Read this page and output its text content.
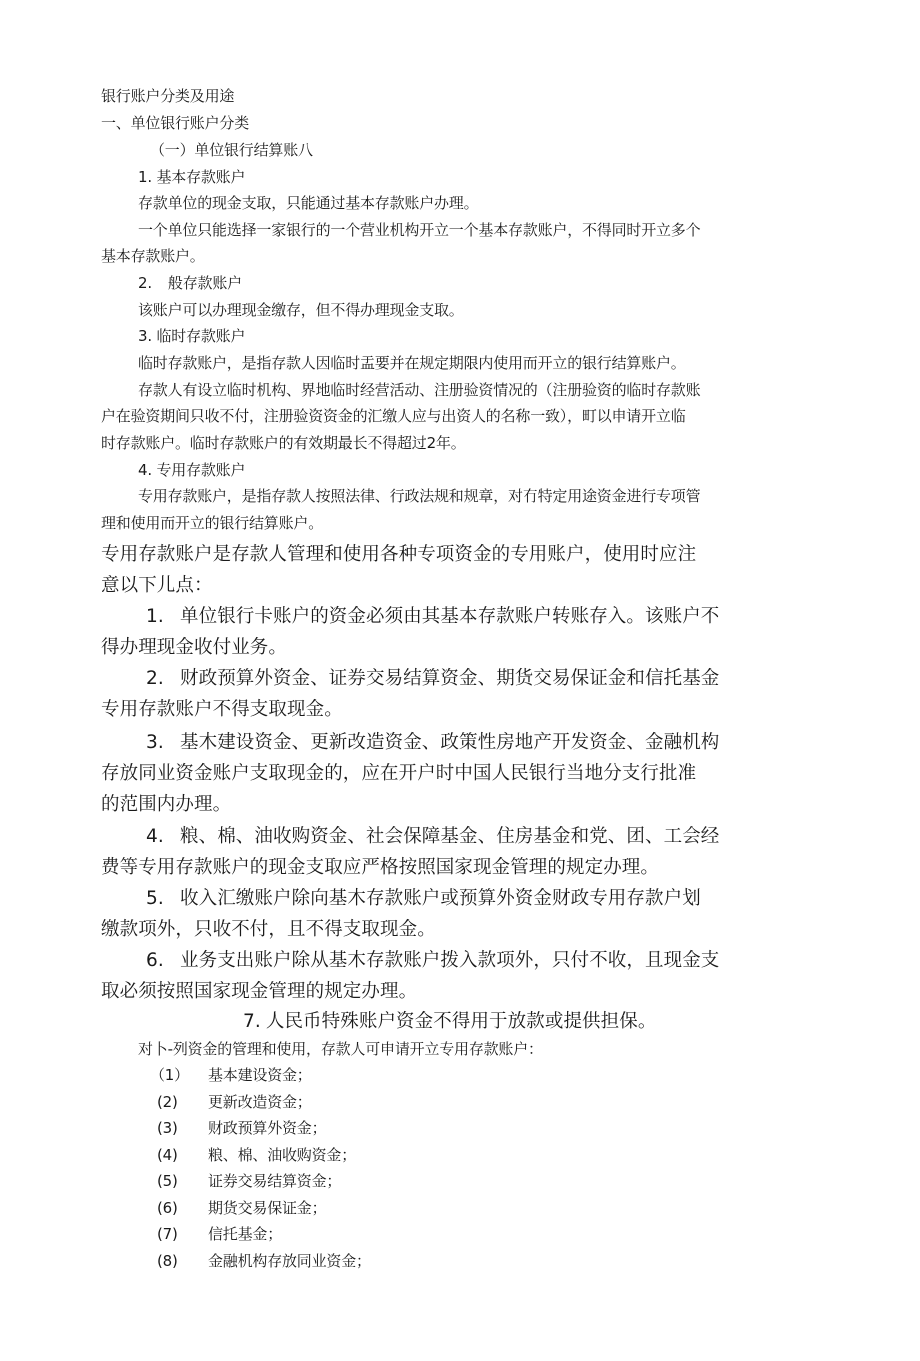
银行账户分类及用途
一、单位银行账户分类
（一）单位银行结算账八
1. 基本存款账户
存款单位的现金支取，只能通过基本存款账户办理。
一个单位只能选择一家银行的一个营业机构开立一个基本存款账户，不得同时开立多个
基本存款账户。
2. 般存款账户
该账户可以办理现金缴存，但不得办理现金支取。
3. 临时存款账户
临时存款账户，是指存款人因临时盂要并在规定期限内使用而开立的银行结算账户。
存款人有设立临时机构、界地临时经营活动、注册验资情况的（注册验资的临时存款账
户在验资期间只收不付，注册验资资金的汇缴人应与出资人的名称一致），町以申请开立临
时存款账户。临时存款账户的有效期最长不得超过2年。
4. 专用存款账户
专用存款账户，是指存款人按照法律、行政法规和规章，对冇特定用途资金进行专项管
理和使用而开立的银行结算账户。
专用存款账户是存款人管理和使用各种专项资金的专用账户，使用时应注
意以下儿点：
1. 单位银行卡账户的资金必须由其基本存款账户转账存入。该账户不
得办理现金收付业务。
2. 财政预算外资金、证券交易结算资金、期货交易保证金和信托基金
专用存款账户不得支取现金。
3. 基木建设资金、更新改造资金、政策性房地产开发资金、金融机构
存放同业资金账户支取现金的，应在开户时中国人民银行当地分支行批准
的范围内办理。
4. 粮、棉、油收购资金、社会保障基金、住房基金和党、团、工会经
费等专用存款账户的现金支取应严格按照国家现金管理的规定办理。
5. 收入汇缴账户除向基木存款账户或预算外资金财政专用存款户划
缴款项外，只收不付，且不得支取现金。
6. 业务支出账户除从基木存款账户拨入款项外，只付不收，且现金支
取必须按照国家现金管理的规定办理。
7. 人民币特殊账户资金不得用于放款或提供担保。
对卜-列资金的管理和使用，存款人可申请开立专用存款账户：
（1） 基本建设资金；
(2) 更新改造资金；
(3) 财政预算外资金；
(4) 粮、棉、油收购资金；
(5) 证券交易结算资金；
(6) 期货交易保证金；
(7) 信托基金；
(8) 金融机构存放同业资金；
